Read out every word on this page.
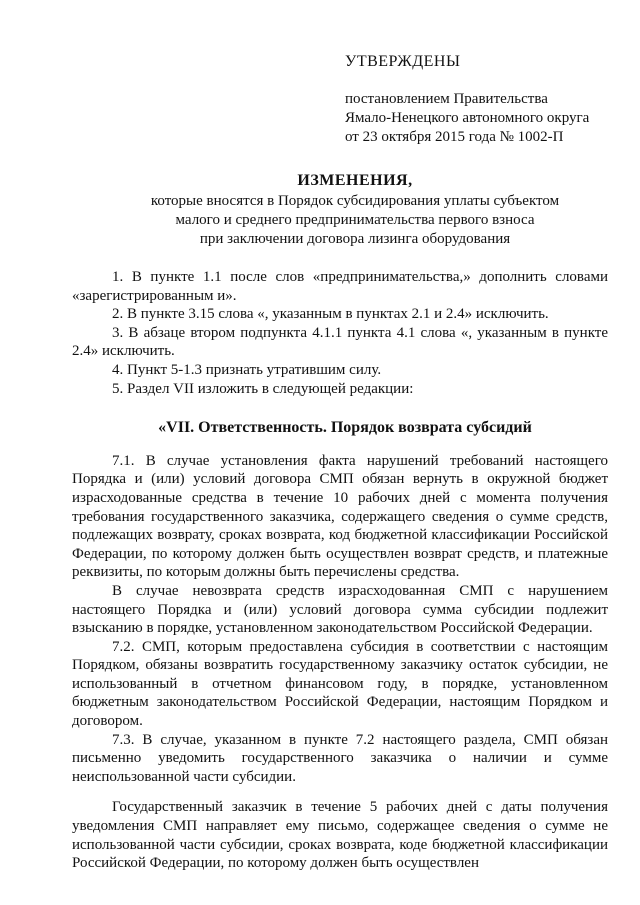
УТВЕРЖДЕНЫ
постановлением Правительства
Ямало-Ненецкого автономного округа
от 23 октября 2015 года № 1002-П
ИЗМЕНЕНИЯ,
которые вносятся в Порядок субсидирования уплаты субъектом
малого и среднего предпринимательства первого взноса
при заключении договора лизинга оборудования

1. В пункте 1.1 после слов «предпринимательства,» дополнить словами «зарегистрированным и».

2. В пункте 3.15 слова «, указанным в пунктах 2.1 и 2.4» исключить.

3. В абзаце втором подпункта 4.1.1 пункта 4.1 слова «, указанным в пункте 2.4» исключить.

4. Пункт 5-1.3 признать утратившим силу.

5. Раздел VII изложить в следующей редакции:

«VII. Ответственность. Порядок возврата субсидий

7.1. В случае установления факта нарушений требований настоящего Порядка и (или) условий договора СМП обязан вернуть в окружной бюджет израсходованные средства в течение 10 рабочих дней с момента получения требования государственного заказчика, содержащего сведения о сумме средств, подлежащих возврату, сроках возврата, код бюджетной классификации Российской Федерации, по которому должен быть осуществлен возврат средств, и платежные реквизиты, по которым должны быть перечислены средства.

В случае невозврата средств израсходованная СМП с нарушением настоящего Порядка и (или) условий договора сумма субсидии подлежит взысканию в порядке, установленном законодательством Российской Федерации.

7.2. СМП, которым предоставлена субсидия в соответствии с настоящим Порядком, обязаны возвратить государственному заказчику остаток субсидии, не использованный в отчетном финансовом году, в порядке, установленном бюджетным законодательством Российской Федерации, настоящим Порядком и договором.

7.3. В случае, указанном в пункте 7.2 настоящего раздела, СМП обязан письменно уведомить государственного заказчика о наличии и сумме неиспользованной части субсидии.

Государственный заказчик в течение 5 рабочих дней с даты получения уведомления СМП направляет ему письмо, содержащее сведения о сумме не использованной части субсидии, сроках возврата, коде бюджетной классификации Российской Федерации, по которому должен быть осуществлен
